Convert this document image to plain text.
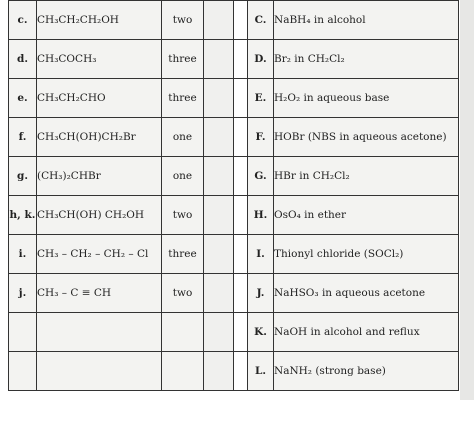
c.	CH₃CH₂CH₂OH	two			C.	NaBH₄ in alcohol
d.	CH₃COCH₃	three			D.	Br₂ in CH₂Cl₂
e.	CH₃CH₂CHO	three			E.	H₂O₂ in aqueous base
f.	CH₃CH(OH)CH₂Br	one			F.	HOBr (NBS in aqueous acetone)
g.	(CH₃)₂CHBr	one			G.	HBr in CH₂Cl₂
h, k.	CH₃CH(OH) CH₂OH	two			H.	OsO₄ in ether
i.	CH₃ – CH₂ – CH₂ – Cl	three			I.	Thionyl chloride (SOCl₂)
j.	CH₃ – C ≡ CH	two			J.	NaHSO₃ in aqueous acetone
					K.	NaOH in alcohol and reflux
					L.	NaNH₂ (strong base)
